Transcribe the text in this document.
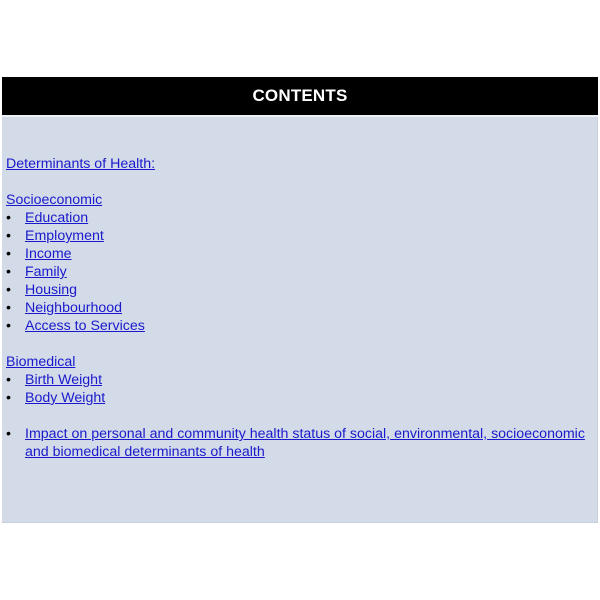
CONTENTS
Determinants of Health:
Socioeconomic
• Education
• Employment
• Income
• Family
• Housing
• Neighbourhood
• Access to Services
Biomedical
• Birth Weight
• Body Weight
• Impact on personal and community health status of social, environmental, socioeconomic and biomedical determinants of health
